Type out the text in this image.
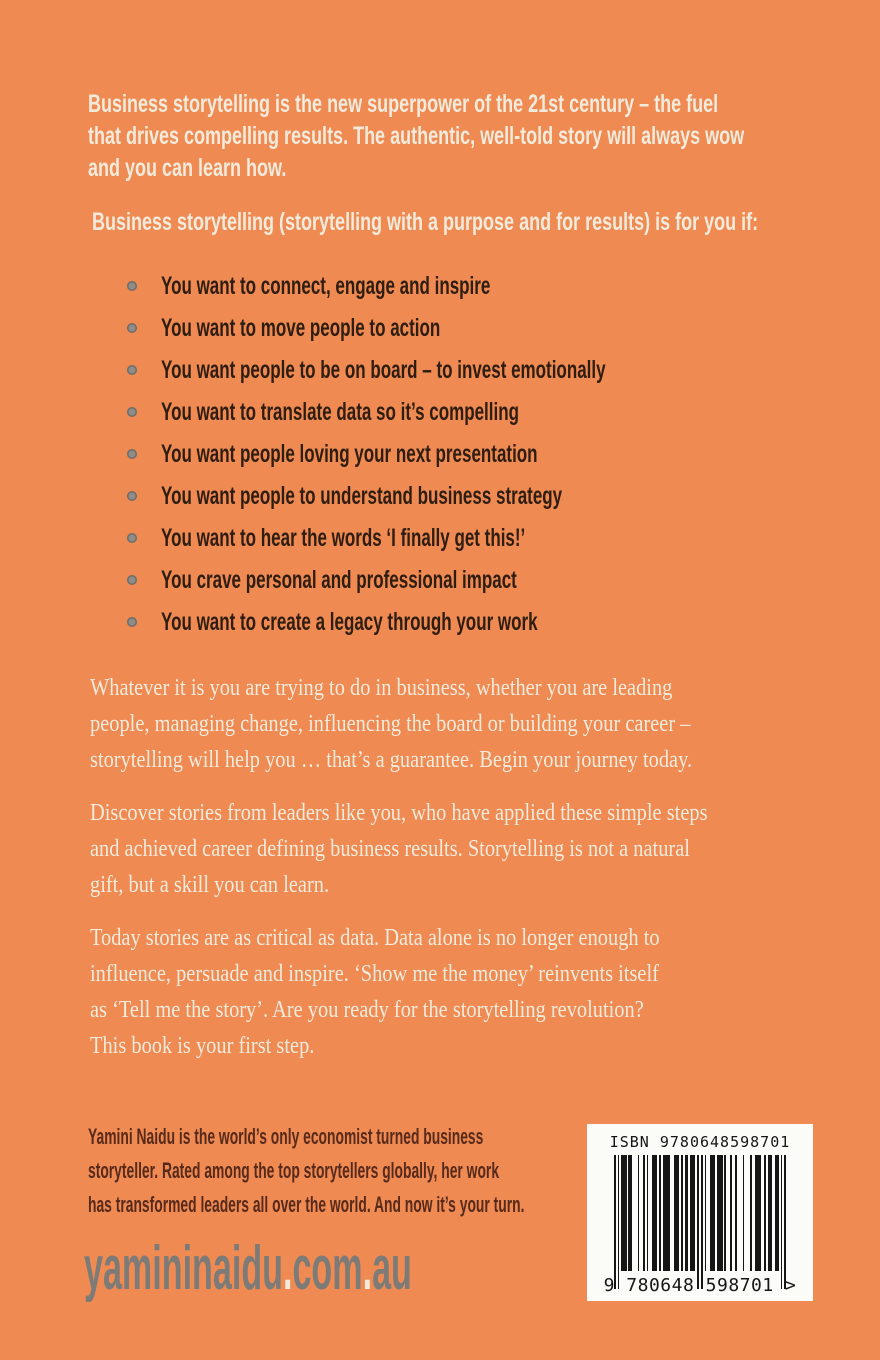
Business storytelling is the new superpower of the 21st century – the fuel
that drives compelling results. The authentic, well-told story will always wow
and you can learn how.
Business storytelling (storytelling with a purpose and for results) is for you if:
You want to connect, engage and inspire
You want to move people to action
You want people to be on board – to invest emotionally
You want to translate data so it’s compelling
You want people loving your next presentation
You want people to understand business strategy
You want to hear the words ‘I finally get this!’
You crave personal and professional impact
You want to create a legacy through your work
Whatever it is you are trying to do in business, whether you are leading
people, managing change, influencing the board or building your career –
storytelling will help you … that’s a guarantee. Begin your journey today.
Discover stories from leaders like you, who have applied these simple steps
and achieved career defining business results. Storytelling is not a natural
gift, but a skill you can learn.
Today stories are as critical as data. Data alone is no longer enough to
influence, persuade and inspire. ‘Show me the money’ reinvents itself
as ‘Tell me the story’. Are you ready for the storytelling revolution?
This book is your first step.
Yamini Naidu is the world’s only economist turned business
storyteller. Rated among the top storytellers globally, her work
has transformed leaders all over the world. And now it’s your turn.
yamininaidu.com.au
ISBN 9780648598701
9 780648 598701 >
